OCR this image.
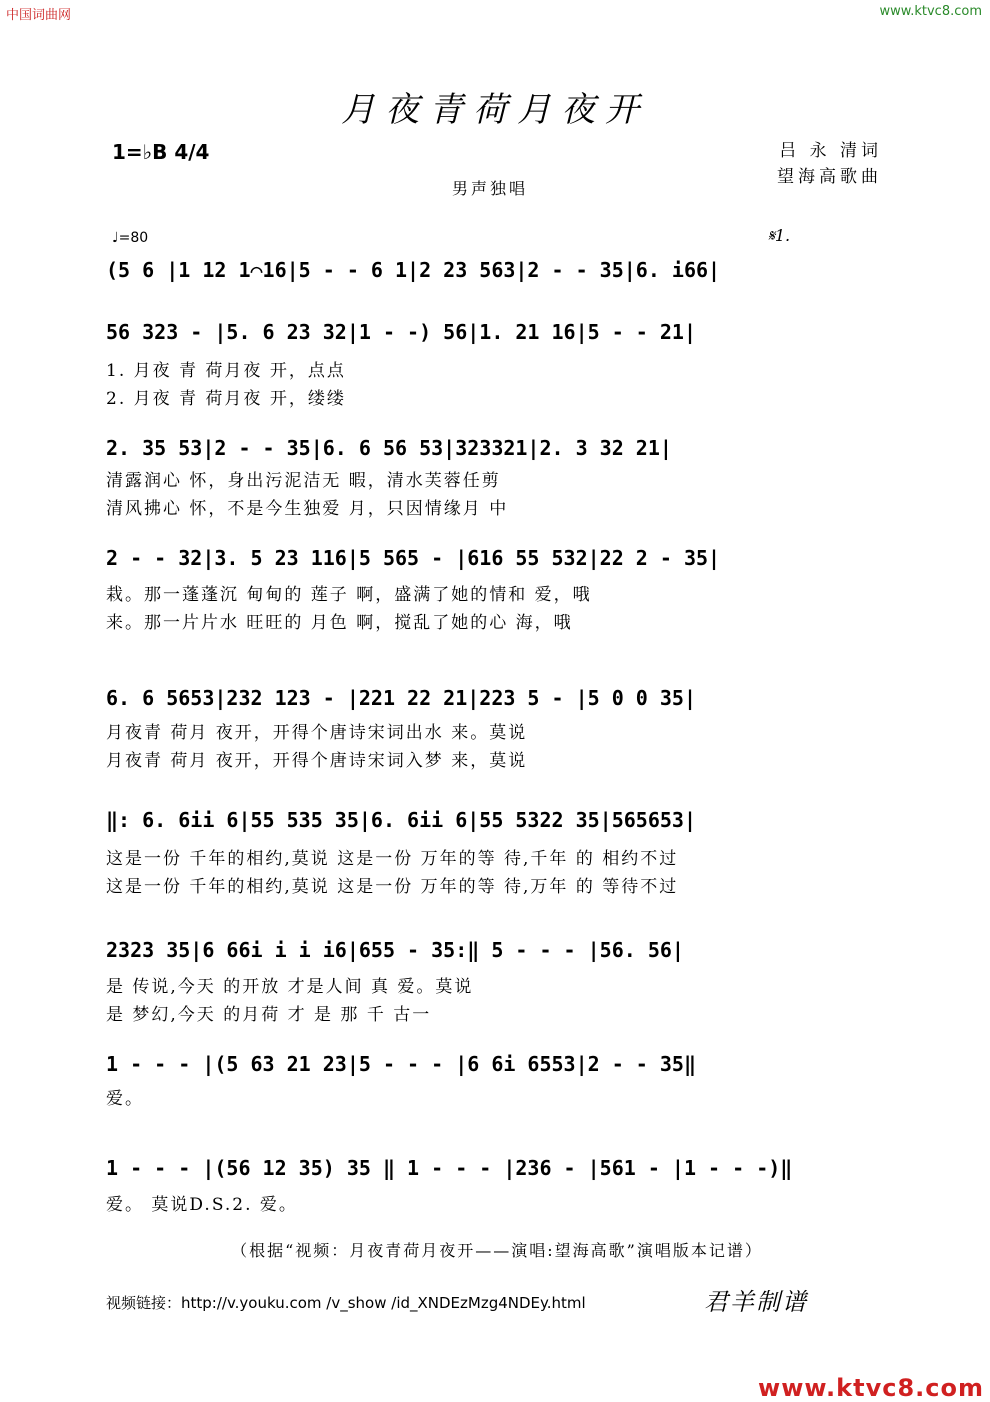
中国词曲网	www.ktvc8.com
月夜青荷月夜开
1=♭B 4/4	吕 永 清词
望海高歌曲
男声独唱
♩=80	𝄋1.
(5 6 |1 12 1⌒16|5 - - 6 1|2 23 563|2 - - 35|6. i66|
56 323 - |5. 6 23 32|1 - -) 56|1. 21 16|5 - - 21|
1. 月夜 青 荷月夜 开，点点
2. 月夜 青 荷月夜 开，缕缕
2. 35 53|2 - - 35|6. 6 56 53|323321|2. 3 32 21|
清露润心 怀，身出污泥洁无 暇，清水芙蓉任剪
清风拂心 怀，不是今生独爱 月，只因情缘月 中
2 - - 32|3. 5 23 116|5 565 - |616 55 532|22 2 - 35|
栽。那一蓬蓬沉 甸甸的 莲子 啊，盛满了她的情和 爱，哦
来。那一片片水 旺旺的 月色 啊，搅乱了她的心 海，哦
6. 6 5653|232 123 - |221 22 21|223 5 - |5 0 0 35|
月夜青 荷月 夜开，开得个唐诗宋词出水 来。莫说
月夜青 荷月 夜开，开得个唐诗宋词入梦 来，莫说
‖: 6. 6ii 6|55 535 35|6. 6ii 6|55 5322 35|565653|
这是一份 千年的相约,莫说 这是一份 万年的等 待,千年 的 相约不过
这是一份 千年的相约,莫说 这是一份 万年的等 待,万年 的 等待不过
2323 35|6 66i i i i6|655 - 35:‖ 5 - - - |56. 56|
是 传说,今天 的开放 才是人间 真 爱。莫说
是 梦幻,今天 的月荷 才 是 那 千 古一
1 - - - |(5 63 21 23|5 - - - |6 6i 6553|2 - - 35‖
爱。
1 - - - |(56 12 35) 35 ‖ 1 - - - |236 - |561 - |1 - - -)‖
爱。 莫说D.S.2. 爱。
（根据“视频：月夜青荷月夜开——演唱:望海高歌”演唱版本记谱）
视频链接：http://v.youku.com /v_show /id_XNDEzMzg4NDEy.html	君羊制谱
www.ktvc8.com
